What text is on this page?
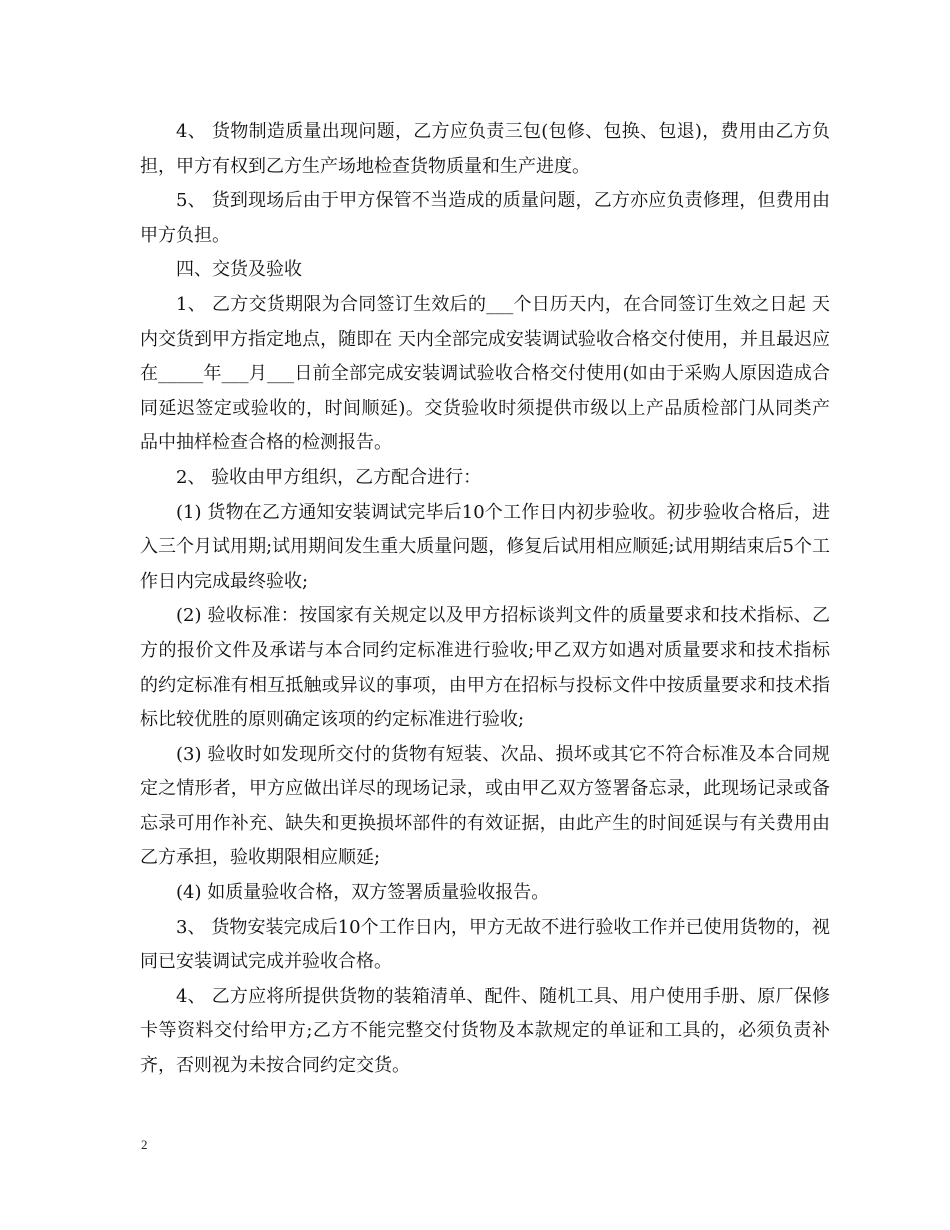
4、 货物制造质量出现问题，乙方应负责三包(包修、包换、包退)，费用由乙方负担，甲方有权到乙方生产场地检查货物质量和生产进度。

5、 货到现场后由于甲方保管不当造成的质量问题，乙方亦应负责修理，但费用由甲方负担。

四、交货及验收

1、 乙方交货期限为合同签订生效后的___个日历天内，在合同签订生效之日起 天内交货到甲方指定地点，随即在 天内全部完成安装调试验收合格交付使用，并且最迟应在_____年___月___日前全部完成安装调试验收合格交付使用(如由于采购人原因造成合同延迟签定或验收的，时间顺延)。交货验收时须提供市级以上产品质检部门从同类产品中抽样检查合格的检测报告。

2、 验收由甲方组织，乙方配合进行：

(1) 货物在乙方通知安装调试完毕后10个工作日内初步验收。初步验收合格后，进入三个月试用期;试用期间发生重大质量问题，修复后试用相应顺延;试用期结束后5个工作日内完成最终验收;

(2) 验收标准：按国家有关规定以及甲方招标谈判文件的质量要求和技术指标、乙方的报价文件及承诺与本合同约定标准进行验收;甲乙双方如遇对质量要求和技术指标的约定标准有相互抵触或异议的事项，由甲方在招标与投标文件中按质量要求和技术指标比较优胜的原则确定该项的约定标准进行验收;

(3) 验收时如发现所交付的货物有短装、次品、损坏或其它不符合标准及本合同规定之情形者，甲方应做出详尽的现场记录，或由甲乙双方签署备忘录，此现场记录或备忘录可用作补充、缺失和更换损坏部件的有效证据，由此产生的时间延误与有关费用由乙方承担，验收期限相应顺延;

(4) 如质量验收合格，双方签署质量验收报告。

3、 货物安装完成后10个工作日内，甲方无故不进行验收工作并已使用货物的，视同已安装调试完成并验收合格。

4、 乙方应将所提供货物的装箱清单、配件、随机工具、用户使用手册、原厂保修卡等资料交付给甲方;乙方不能完整交付货物及本款规定的单证和工具的，必须负责补齐，否则视为未按合同约定交货。

2
